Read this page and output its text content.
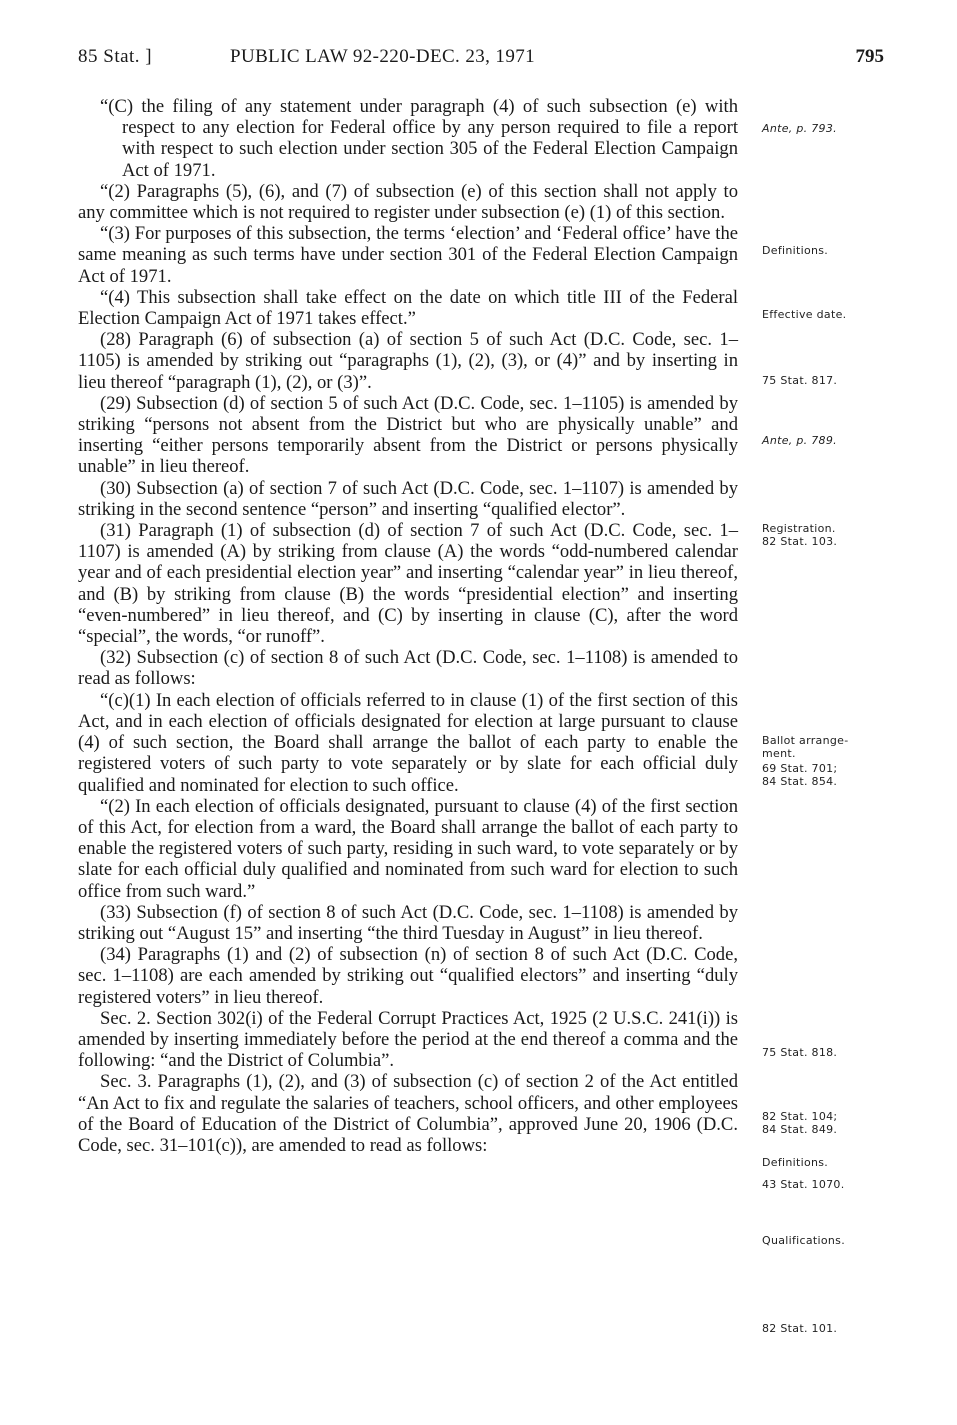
85 Stat. ]	PUBLIC LAW 92-220-DEC. 23, 1971	795

“(C) the filing of any statement under paragraph (4) of such subsection (e) with respect to any election for Federal office by any person required to file a report with respect to such election under section 305 of the Federal Election Campaign Act of 1971.

“(2) Paragraphs (5), (6), and (7) of subsection (e) of this section shall not apply to any committee which is not required to register under subsection (e) (1) of this section.

“(3) For purposes of this subsection, the terms ‘election’ and ‘Federal office’ have the same meaning as such terms have under section 301 of the Federal Election Campaign Act of 1971.

“(4) This subsection shall take effect on the date on which title III of the Federal Election Campaign Act of 1971 takes effect.”

(28) Paragraph (6) of subsection (a) of section 5 of such Act (D.C. Code, sec. 1–1105) is amended by striking out “paragraphs (1), (2), (3), or (4)” and by inserting in lieu thereof “paragraph (1), (2), or (3)”.

(29) Subsection (d) of section 5 of such Act (D.C. Code, sec. 1–1105) is amended by striking “persons not absent from the District but who are physically unable” and inserting “either persons temporarily absent from the District or persons physically unable” in lieu thereof.

(30) Subsection (a) of section 7 of such Act (D.C. Code, sec. 1–1107) is amended by striking in the second sentence “person” and inserting “qualified elector”.

(31) Paragraph (1) of subsection (d) of section 7 of such Act (D.C. Code, sec. 1–1107) is amended (A) by striking from clause (A) the words “odd-numbered calendar year and of each presidential election year” and inserting “calendar year” in lieu thereof, and (B) by striking from clause (B) the words “presidential election” and inserting “even-numbered” in lieu thereof, and (C) by inserting in clause (C), after the word “special”, the words, “or runoff”.

(32) Subsection (c) of section 8 of such Act (D.C. Code, sec. 1–1108) is amended to read as follows:

“(c)(1) In each election of officials referred to in clause (1) of the first section of this Act, and in each election of officials designated for election at large pursuant to clause (4) of such section, the Board shall arrange the ballot of each party to enable the registered voters of such party to vote separately or by slate for each official duly qualified and nominated for election to such office.

“(2) In each election of officials designated, pursuant to clause (4) of the first section of this Act, for election from a ward, the Board shall arrange the ballot of each party to enable the registered voters of such party, residing in such ward, to vote separately or by slate for each official duly qualified and nominated from such ward for election to such office from such ward.”

(33) Subsection (f) of section 8 of such Act (D.C. Code, sec. 1–1108) is amended by striking out “August 15” and inserting “the third Tuesday in August” in lieu thereof.

(34) Paragraphs (1) and (2) of subsection (n) of section 8 of such Act (D.C. Code, sec. 1–1108) are each amended by striking out “qualified electors” and inserting “duly registered voters” in lieu thereof.

Sec. 2. Section 302(i) of the Federal Corrupt Practices Act, 1925 (2 U.S.C. 241(i)) is amended by inserting immediately before the period at the end thereof a comma and the following: “and the District of Columbia”.

Sec. 3. Paragraphs (1), (2), and (3) of subsection (c) of section 2 of the Act entitled “An Act to fix and regulate the salaries of teachers, school officers, and other employees of the Board of Education of the District of Columbia”, approved June 20, 1906 (D.C. Code, sec. 31–101(c)), are amended to read as follows:

Ante, p. 793.
Definitions.
Effective date.
75 Stat. 817.
Ante, p. 789.
Registration.
82 Stat. 103.
Ballot arrange-
ment.
69 Stat. 701;
84 Stat. 854.
75 Stat. 818.
82 Stat. 104;
84 Stat. 849.
Definitions.
43 Stat. 1070.
Qualifications.
82 Stat. 101.
